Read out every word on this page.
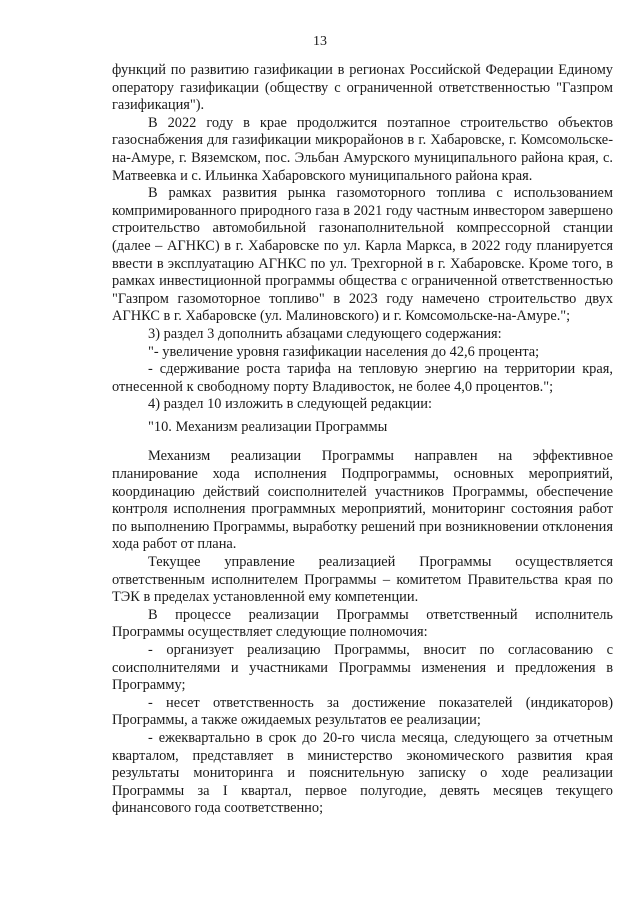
13

функций по развитию газификации в регионах Российской Федерации Единому оператору газификации (обществу с ограниченной ответственностью "Газпром газификация").

В 2022 году в крае продолжится поэтапное строительство объектов газоснабжения для газификации микрорайонов в г. Хабаровске, г. Комсомольске-на-Амуре, г. Вяземском, пос. Эльбан Амурского муниципального района края, с. Матвеевка и с. Ильинка Хабаровского муниципального района края.

В рамках развития рынка газомоторного топлива с использованием компримированного природного газа в 2021 году частным инвестором завершено строительство автомобильной газонаполнительной компрессорной станции (далее – АГНКС) в г. Хабаровске по ул. Карла Маркса, в 2022 году планируется ввести в эксплуатацию АГНКС по ул. Трехгорной в г. Хабаровске. Кроме того, в рамках инвестиционной программы общества с ограниченной ответственностью "Газпром газомоторное топливо" в 2023 году намечено строительство двух АГНКС в г. Хабаровске (ул. Малиновского) и г. Комсомольске-на-Амуре.";

3) раздел 3 дополнить абзацами следующего содержания:

"- увеличение уровня газификации населения до 42,6 процента;

- сдерживание роста тарифа на тепловую энергию на территории края, отнесенной к свободному порту Владивосток, не более 4,0 процентов.";

4) раздел 10 изложить в следующей редакции:

"10. Механизм реализации Программы

Механизм реализации Программы направлен на эффективное планирование хода исполнения Подпрограммы, основных мероприятий, координацию действий соисполнителей участников Программы, обеспечение контроля исполнения программных мероприятий, мониторинг состояния работ по выполнению Программы, выработку решений при возникновении отклонения хода работ от плана.

Текущее управление реализацией Программы осуществляется ответственным исполнителем Программы – комитетом Правительства края по ТЭК в пределах установленной ему компетенции.

В процессе реализации Программы ответственный исполнитель Программы осуществляет следующие полномочия:

- организует реализацию Программы, вносит по согласованию с соисполнителями и участниками Программы изменения и предложения в Программу;

- несет ответственность за достижение показателей (индикаторов) Программы, а также ожидаемых результатов ее реализации;

- ежеквартально в срок до 20-го числа месяца, следующего за отчетным кварталом, представляет в министерство экономического развития края результаты мониторинга и пояснительную записку о ходе реализации Программы за I квартал, первое полугодие, девять месяцев текущего финансового года соответственно;
